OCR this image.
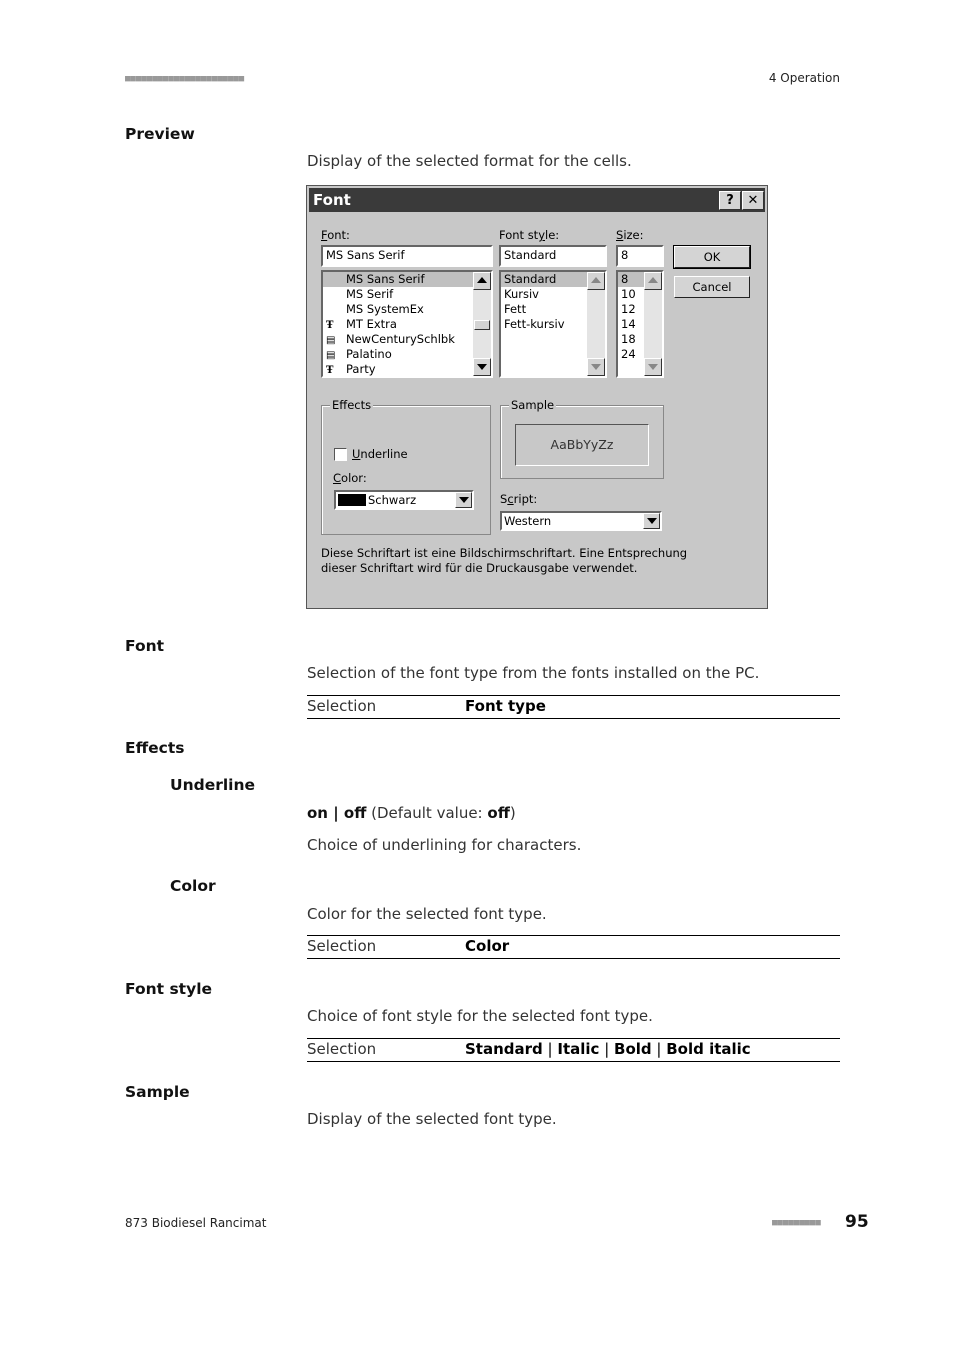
■■■■■■■■■■■■■■■■■■■■■■	4 Operation
Preview
Display of the selected format for the cells.
Font	?	✕
Font:
MS Sans Serif
MS Sans Serif
MS Serif
MS SystemEx
Ŧ MT Extra
▤ NewCenturySchlbk
▤ Palatino
Ŧ Party
Font style:
Standard
Standard
Kursiv
Fett
Fett-kursiv
Size:
8
8
10
12
14
18
24
OK
Cancel
Effects
Underline
Color:
Schwarz
Sample
AaBbYyZz
Script:
Western
Diese Schriftart ist eine Bildschirmschriftart. Eine Entsprechung
dieser Schriftart wird für die Druckausgabe verwendet.
Font
Selection of the font type from the fonts installed on the PC.
Selection	Font type
Effects
Underline
on | off (Default value: off)
Choice of underlining for characters.
Color
Color for the selected font type.
Selection	Color
Font style
Choice of font style for the selected font type.
Selection	Standard | Italic | Bold | Bold italic
Sample
Display of the selected font type.
873 Biodiesel Rancimat	■■■■■■■■■ 95
